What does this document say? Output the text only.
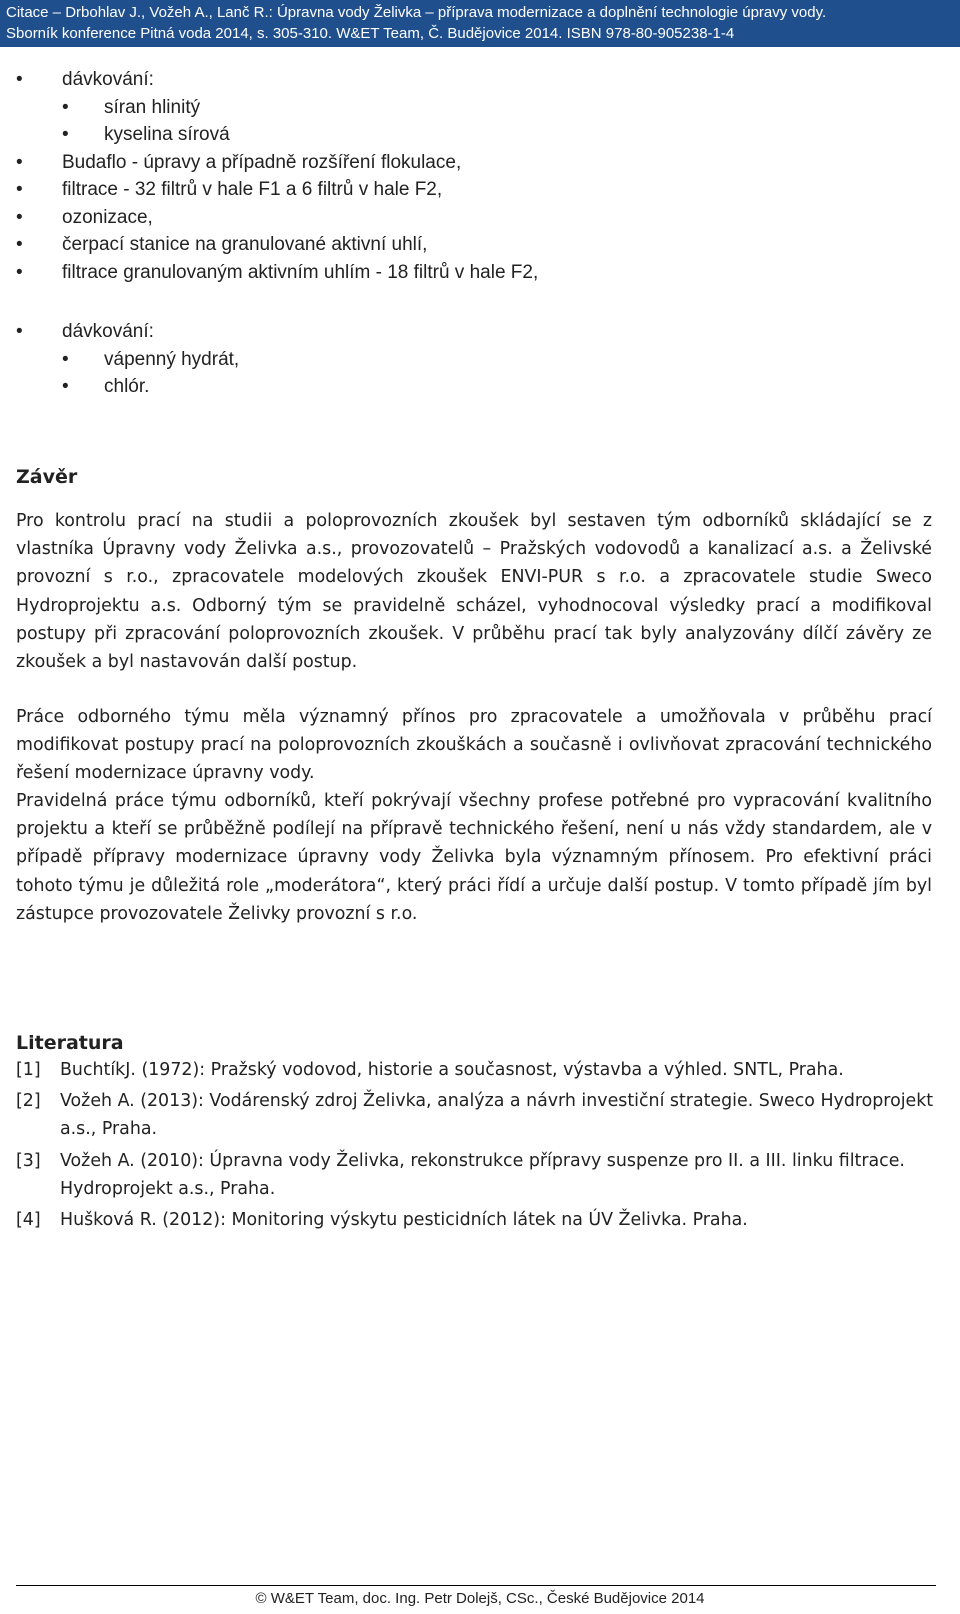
Citace – Drbohlav J., Vožeh A., Lanč R.: Úpravna vody Želivka – příprava modernizace a doplnění technologie úpravy vody.
Sborník konference Pitná voda 2014, s. 305-310. W&ET Team, Č. Budějovice 2014. ISBN 978-80-905238-1-4
•	dávkování:
•	síran hlinitý
•	kyselina sírová
•	Budaflo - úpravy a případně rozšíření flokulace,
•	filtrace - 32 filtrů v hale F1 a 6 filtrů v hale F2,
•	ozonizace,
•	čerpací stanice na granulované aktivní uhlí,
•	filtrace granulovaným aktivním uhlím - 18 filtrů v hale F2,
•	dávkování:
•	vápenný hydrát,
•	chlór.
Závěr

Pro kontrolu prací na studii a poloprovozních zkoušek byl sestaven tým odborníků skládající se z vlastníka Úpravny vody Želivka a.s., provozovatelů – Pražských vodovodů a kanalizací a.s. a Želivské provozní s r.o., zpracovatele modelových zkoušek ENVI-PUR s r.o. a zpracovatele studie Sweco Hydroprojektu a.s. Odborný tým se pravidelně scházel, vyhodnocoval výsledky prací a modifikoval postupy při zpracování poloprovozních zkoušek. V průběhu prací tak byly analyzovány dílčí závěry ze zkoušek a byl nastavován další postup.

Práce odborného týmu měla významný přínos pro zpracovatele a umožňovala v průběhu prací modifikovat postupy prací na poloprovozních zkouškách a současně i ovlivňovat zpracování technického řešení modernizace úpravny vody.

Pravidelná práce týmu odborníků, kteří pokrývají všechny profese potřebné pro vypracování kvalitního projektu a kteří se průběžně podílejí na přípravě technického řešení, není u nás vždy standardem, ale v případě přípravy modernizace úpravny vody Želivka byla významným přínosem. Pro efektivní práci tohoto týmu je důležitá role „moderátora“, který práci řídí a určuje další postup. V tomto případě jím byl zástupce provozovatele Želivky provozní s r.o.

Literatura
[1] BuchtíkJ. (1972): Pražský vodovod, historie a současnost, výstavba a výhled. SNTL, Praha.
[2] Vožeh A. (2013): Vodárenský zdroj Želivka, analýza a návrh investiční strategie. Sweco Hydroprojekt a.s., Praha.
[3] Vožeh A. (2010): Úpravna vody Želivka, rekonstrukce přípravy suspenze pro II. a III. linku filtrace. Hydroprojekt a.s., Praha.
[4] Hušková R. (2012): Monitoring výskytu pesticidních látek na ÚV Želivka. Praha.
© W&ET Team, doc. Ing. Petr Dolejš, CSc., České Budějovice 2014
